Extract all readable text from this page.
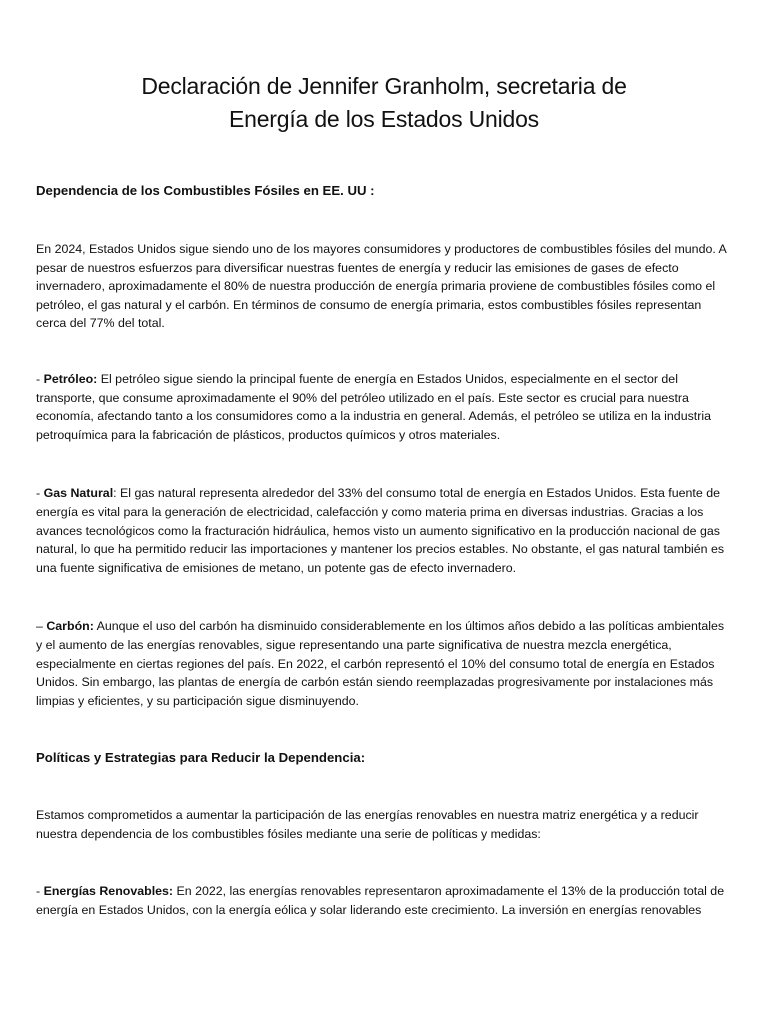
Declaración de Jennifer Granholm, secretaria de
Energía de los Estados Unidos
Dependencia de los Combustibles Fósiles en EE. UU :

En 2024, Estados Unidos sigue siendo uno de los mayores consumidores y productores de combustibles fósiles del mundo. A pesar de nuestros esfuerzos para diversificar nuestras fuentes de energía y reducir las emisiones de gases de efecto invernadero, aproximadamente el 80% de nuestra producción de energía primaria proviene de combustibles fósiles como el petróleo, el gas natural y el carbón. En términos de consumo de energía primaria, estos combustibles fósiles representan cerca del 77% del total.

- Petróleo: El petróleo sigue siendo la principal fuente de energía en Estados Unidos, especialmente en el sector del transporte, que consume aproximadamente el 90% del petróleo utilizado en el país. Este sector es crucial para nuestra economía, afectando tanto a los consumidores como a la industria en general. Además, el petróleo se utiliza en la industria petroquímica para la fabricación de plásticos, productos químicos y otros materiales.

- Gas Natural: El gas natural representa alrededor del 33% del consumo total de energía en Estados Unidos. Esta fuente de energía es vital para la generación de electricidad, calefacción y como materia prima en diversas industrias. Gracias a los avances tecnológicos como la fracturación hidráulica, hemos visto un aumento significativo en la producción nacional de gas natural, lo que ha permitido reducir las importaciones y mantener los precios estables. No obstante, el gas natural también es una fuente significativa de emisiones de metano, un potente gas de efecto invernadero.

– Carbón: Aunque el uso del carbón ha disminuido considerablemente en los últimos años debido a las políticas ambientales y el aumento de las energías renovables, sigue representando una parte significativa de nuestra mezcla energética, especialmente en ciertas regiones del país. En 2022, el carbón representó el 10% del consumo total de energía en Estados Unidos. Sin embargo, las plantas de energía de carbón están siendo reemplazadas progresivamente por instalaciones más limpias y eficientes, y su participación sigue disminuyendo.

Políticas y Estrategias para Reducir la Dependencia:

Estamos comprometidos a aumentar la participación de las energías renovables en nuestra matriz energética y a reducir nuestra dependencia de los combustibles fósiles mediante una serie de políticas y medidas:

- Energías Renovables: En 2022, las energías renovables representaron aproximadamente el 13% de la producción total de energía en Estados Unidos, con la energía eólica y solar liderando este crecimiento. La inversión en energías renovables
